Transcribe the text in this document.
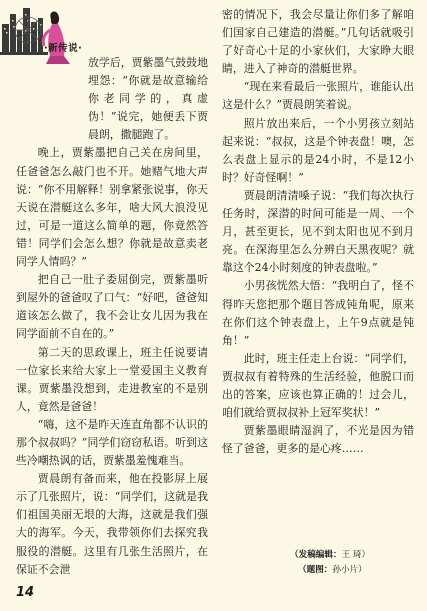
·新传说·

放学后，贾紫墨气鼓鼓地埋怨：“你就是故意输给你老同学的，真虚伪！”说完，她便丢下贾晨朗，撒腿跑了。

晚上，贾紫墨把自己关在房间里，任爸爸怎么敲门也不开。她赌气地大声说：“你不用解释！别拿紧张说事，你天天说在潜艇这么多年，啥大风大浪没见过，可是一道这么简单的题，你竟然答错！同学们会怎么想？你就是故意卖老同学人情吗？”

把自己一肚子委屈倒完，贾紫墨听到屋外的爸爸叹了口气：“好吧，爸爸知道该怎么做了，我不会让女儿因为我在同学面前不自在的。”

第二天的思政课上，班主任说要请一位家长来给大家上一堂爱国主义教育课。贾紫墨没想到，走进教室的不是别人，竟然是爸爸！

“嗨，这不是昨天连直角都不认识的那个叔叔吗？”同学们窃窃私语。听到这些冷嘲热讽的话，贾紫墨羞愧难当。

贾晨朗有备而来，他在投影屏上展示了几张照片，说：“同学们，这就是我们祖国美丽无垠的大海，这就是我们强大的海军。今天，我带领你们去探究我服役的潜艇。这里有几张生活照片，在保证不会泄

密的情况下，我会尽量让你们多了解咱们国家自己建造的潜艇。”几句话就吸引了好奇心十足的小家伙们，大家睁大眼睛，进入了神奇的潜艇世界。

“现在来看最后一张照片，谁能认出这是什么？”贾晨朗笑着说。

照片放出来后，一个小男孩立刻站起来说：“叔叔，这是个钟表盘！噢，怎么表盘上显示的是24小时，不是12小时？好奇怪啊！”

贾晨朗清清嗓子说：“我们每次执行任务时，深潜的时间可能是一周、一个月，甚至更长，见不到太阳也见不到月亮。在深海里怎么分辨白天黑夜呢？就靠这个24小时刻度的钟表盘啦。”

小男孩恍然大悟：“我明白了，怪不得昨天您把那个题目答成钝角呢，原来在你们这个钟表盘上，上午9点就是钝角！”

此时，班主任走上台说：“同学们，贾叔叔有着特殊的生活经验，他脱口而出的答案，应该也算正确的！过会儿，咱们就给贾叔叔补上冠军奖状！”

贾紫墨眼睛湿润了，不光是因为错怪了爸爸，更多的是心疼……

（发稿编辑：王 琦）
（题图：孙小片）
14
